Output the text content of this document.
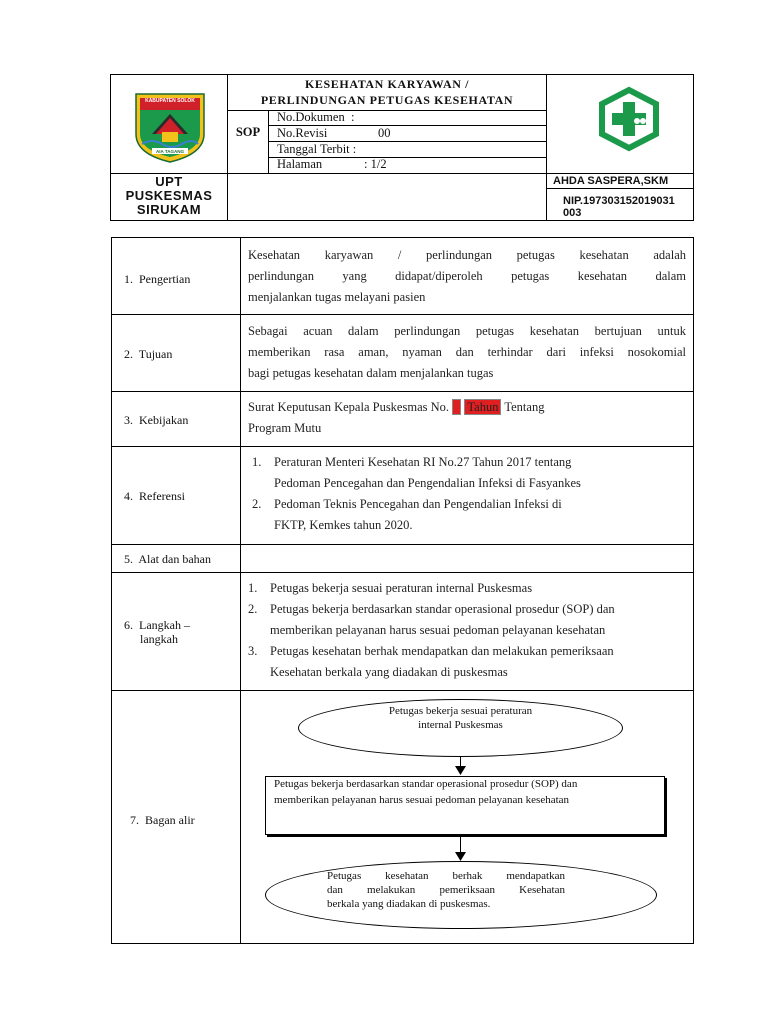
KABUPATEN SOLOK
AIA TAGANG
KESEHATAN KARYAWAN /
PERLINDUNGAN PETUGAS KESEHATAN
SOP
No.Dokumen  :
No.Revisi	00
Tanggal Terbit :
Halaman	: 1/2
UPT
PUSKESMAS
SIRUKAM
AHDA SASPERA,SKM
NIP.197303152019031
003
1.  Pengertian
Kesehatan karyawan / perlindungan petugas kesehatan adalah
perlindungan yang didapat/diperoleh petugas kesehatan dalam
menjalankan tugas melayani pasien
2.  Tujuan
Sebagai acuan dalam perlindungan petugas kesehatan bertujuan untuk
memberikan rasa aman, nyaman dan terhindar dari infeksi nosokomial
bagi petugas kesehatan dalam menjalankan tugas
3.  Kebijakan
Surat Keputusan Kepala Puskesmas No. Tahun Tentang
Program Mutu
4.  Referensi
1. Peraturan Menteri Kesehatan RI No.27 Tahun 2017 tentang
Pedoman Pencegahan dan Pengendalian Infeksi di Fasyankes
2. Pedoman Teknis Pencegahan dan Pengendalian Infeksi di
FKTP, Kemkes tahun 2020.
5.  Alat dan bahan
6.  Langkah –
langkah
1. Petugas bekerja sesuai peraturan internal Puskesmas
2. Petugas bekerja berdasarkan standar operasional prosedur (SOP) dan
memberikan pelayanan harus sesuai pedoman pelayanan kesehatan
3. Petugas kesehatan berhak mendapatkan dan melakukan pemeriksaan
Kesehatan berkala yang diadakan di puskesmas
7.  Bagan alir
Petugas bekerja sesuai peraturan
internal Puskesmas
Petugas bekerja berdasarkan standar operasional prosedur (SOP) dan
memberikan pelayanan harus sesuai pedoman pelayanan kesehatan
Petugas kesehatan berhak mendapatkan
dan melakukan pemeriksaan Kesehatan
berkala yang diadakan di puskesmas.
